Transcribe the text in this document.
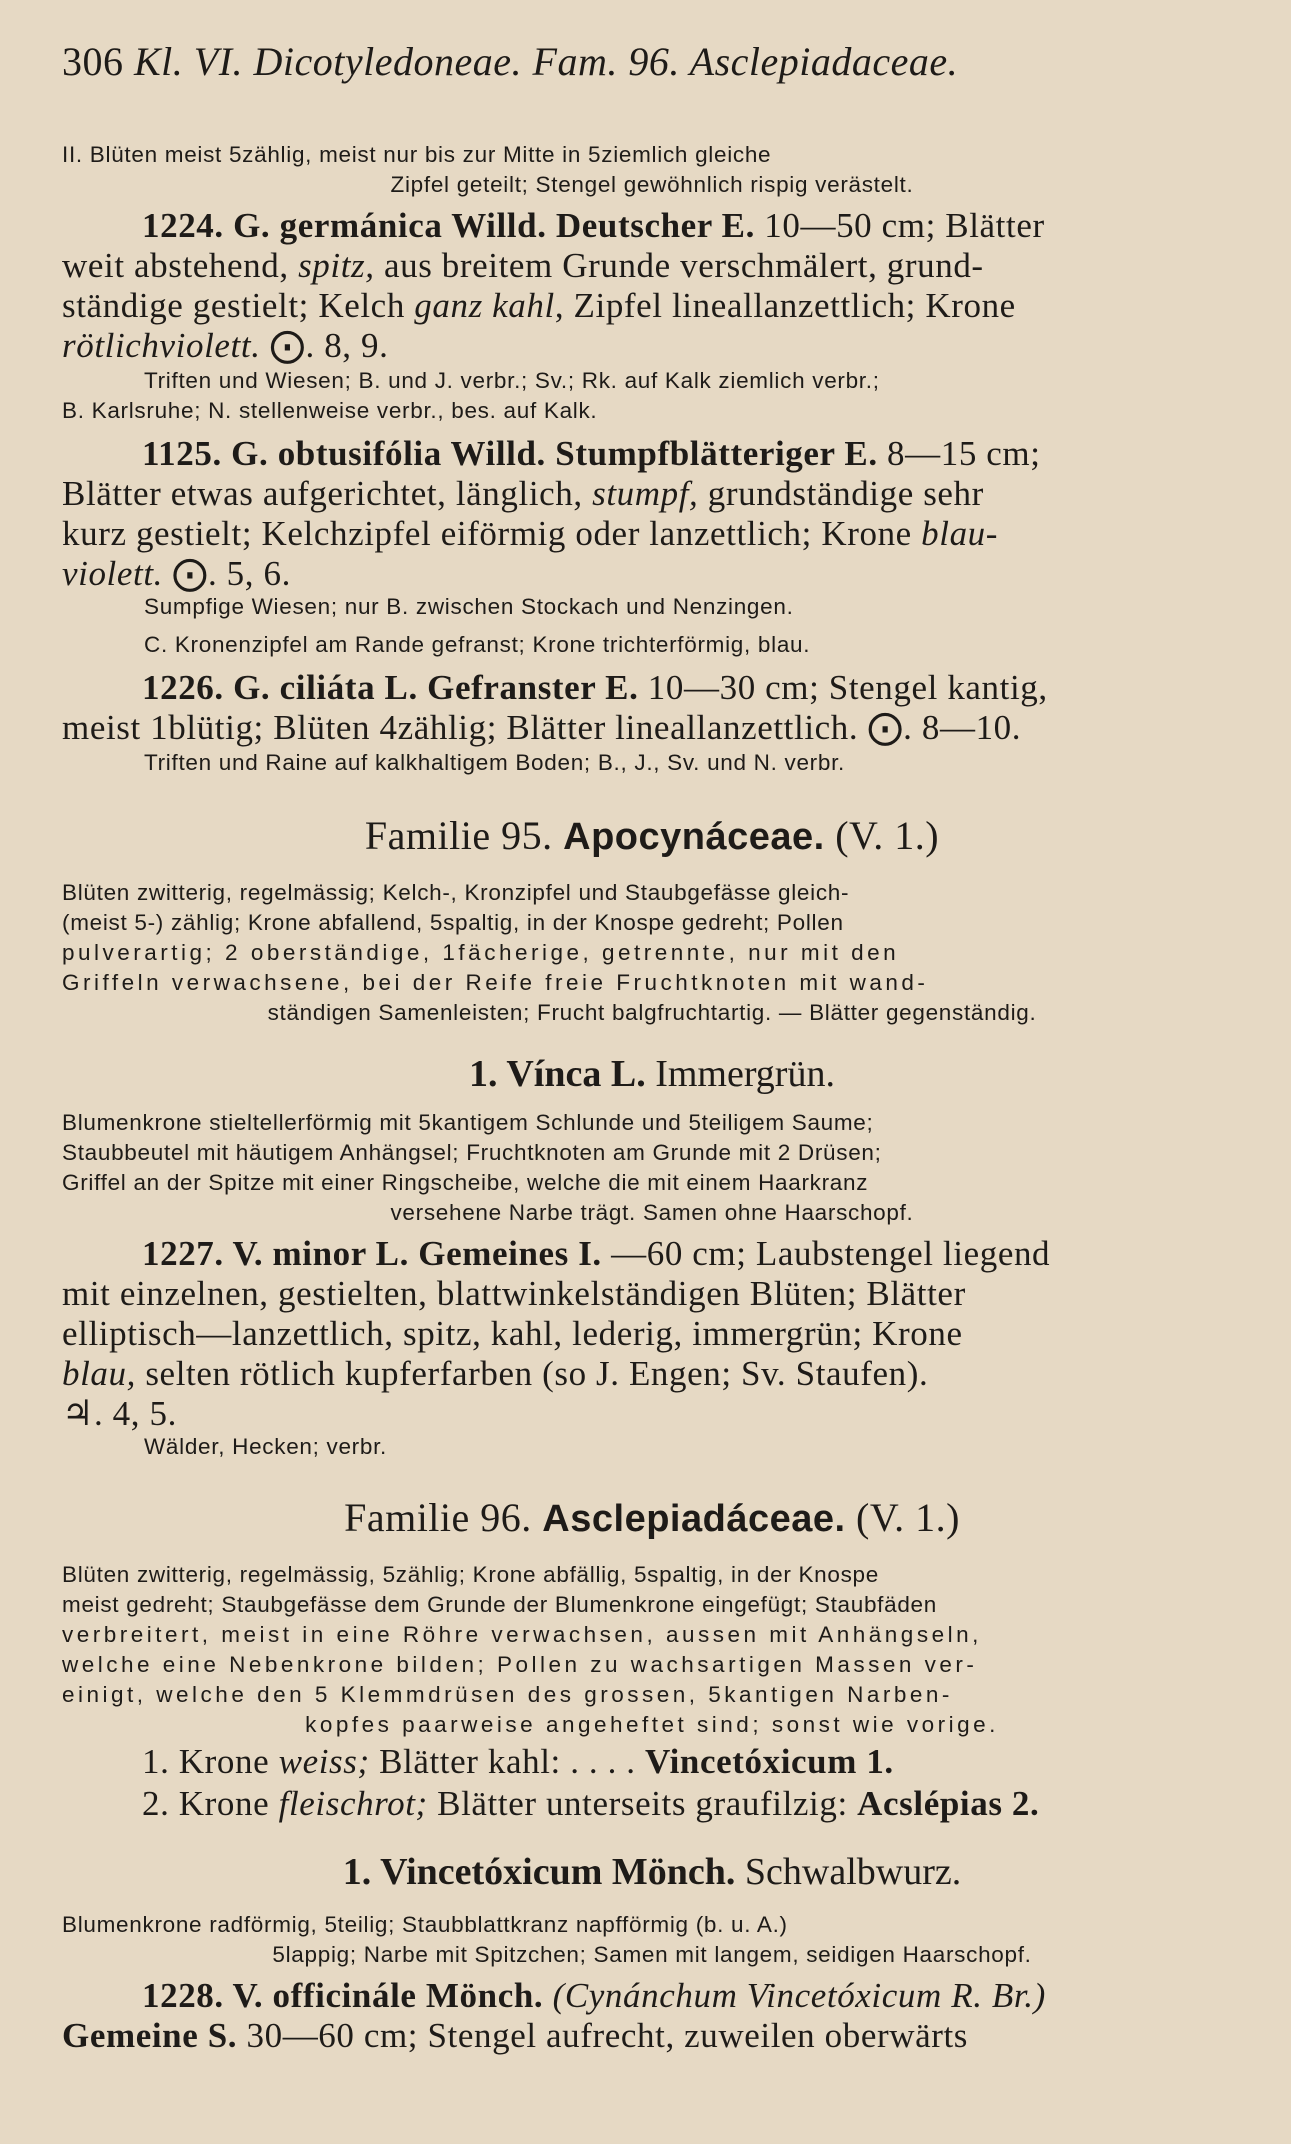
306 Kl. VI. Dicotyledoneae. Fam. 96. Asclepiadaceae.
II. Blüten meist 5zählig, meist nur bis zur Mitte in 5ziemlich gleiche
Zipfel geteilt; Stengel gewöhnlich rispig verästelt.
1224. G. germánica Willd. Deutscher E. 10—50 cm; Blätter
weit abstehend, spitz, aus breitem Grunde verschmälert, grund-
ständige gestielt; Kelch ganz kahl, Zipfel lineallanzettlich; Krone
rötlichviolett. ⨀. 8, 9.
Triften und Wiesen; B. und J. verbr.; Sv.; Rk. auf Kalk ziemlich verbr.;
B. Karlsruhe; N. stellenweise verbr., bes. auf Kalk.
1125. G. obtusifólia Willd. Stumpfblätteriger E. 8—15 cm;
Blätter etwas aufgerichtet, länglich, stumpf, grundständige sehr
kurz gestielt; Kelchzipfel eiförmig oder lanzettlich; Krone blau-
violett. ⨀. 5, 6.
Sumpfige Wiesen; nur B. zwischen Stockach und Nenzingen.
C. Kronenzipfel am Rande gefranst; Krone trichterförmig, blau.
1226. G. ciliáta L. Gefranster E. 10—30 cm; Stengel kantig,
meist 1blütig; Blüten 4zählig; Blätter lineallanzettlich. ⨀. 8—10.
Triften und Raine auf kalkhaltigem Boden; B., J., Sv. und N. verbr.
Familie 95. Apocynáceae. (V. 1.)
Blüten zwitterig, regelmässig; Kelch-, Kronzipfel und Staubgefässe gleich-
(meist 5-) zählig; Krone abfallend, 5spaltig, in der Knospe gedreht; Pollen
pulverartig; 2 oberständige, 1fächerige, getrennte, nur mit den
Griffeln verwachsene, bei der Reife freie Fruchtknoten mit wand-
ständigen Samenleisten; Frucht balgfruchtartig. — Blätter gegenständig.
1. Vínca L. Immergrün.
Blumenkrone stieltellerförmig mit 5kantigem Schlunde und 5teiligem Saume;
Staubbeutel mit häutigem Anhängsel; Fruchtknoten am Grunde mit 2 Drüsen;
Griffel an der Spitze mit einer Ringscheibe, welche die mit einem Haarkranz
versehene Narbe trägt. Samen ohne Haarschopf.
1227. V. minor L. Gemeines I. —60 cm; Laubstengel liegend
mit einzelnen, gestielten, blattwinkelständigen Blüten; Blätter
elliptisch—lanzettlich, spitz, kahl, lederig, immergrün; Krone
blau, selten rötlich kupferfarben (so J. Engen; Sv. Staufen).
♃. 4, 5.
Wälder, Hecken; verbr.
Familie 96. Asclepiadáceae. (V. 1.)
Blüten zwitterig, regelmässig, 5zählig; Krone abfällig, 5spaltig, in der Knospe
meist gedreht; Staubgefässe dem Grunde der Blumenkrone eingefügt; Staubfäden
verbreitert, meist in eine Röhre verwachsen, aussen mit Anhängseln,
welche eine Nebenkrone bilden; Pollen zu wachsartigen Massen ver-
einigt, welche den 5 Klemmdrüsen des grossen, 5kantigen Narben-
kopfes paarweise angeheftet sind; sonst wie vorige.
1. Krone weiss; Blätter kahl: . . . . Vincetóxicum 1.
2. Krone fleischrot; Blätter unterseits graufilzig: Acslépias 2.
1. Vincetóxicum Mönch. Schwalbwurz.
Blumenkrone radförmig, 5teilig; Staubblattkranz napfförmig (b. u. A.)
5lappig; Narbe mit Spitzchen; Samen mit langem, seidigen Haarschopf.
1228. V. officinále Mönch. (Cynánchum Vincetóxicum R. Br.)
Gemeine S. 30—60 cm; Stengel aufrecht, zuweilen oberwärts
